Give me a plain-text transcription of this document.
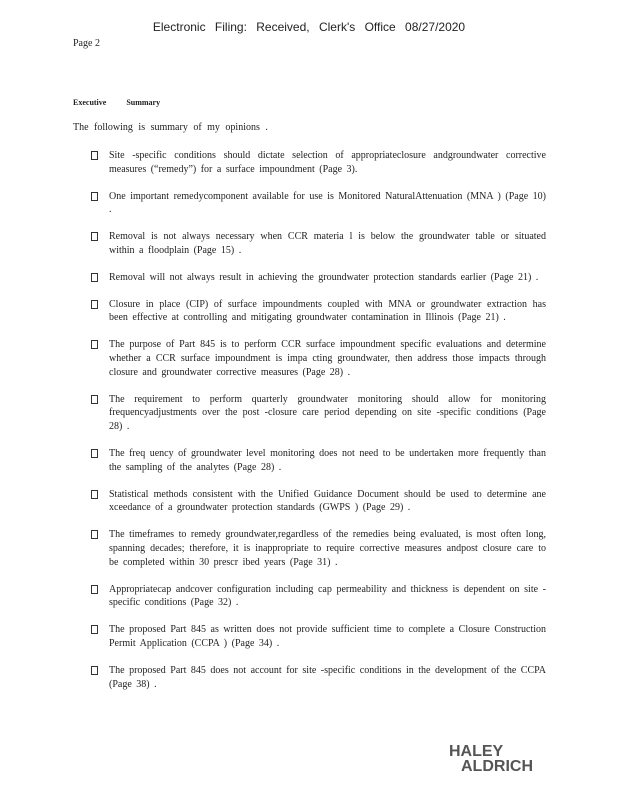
Electronic Filing: Received, Clerk's Office 08/27/2020
Page 2
Executive Summary
The following is summary of my opinions .
Site -specific conditions should dictate selection of appropriateclosure andgroundwater corrective measures (“remedy”) for a surface impoundment (Page 3).
One important remedycomponent available for use is Monitored NaturalAttenuation (MNA ) (Page 10) .
Removal is not always necessary when CCR materia l is below the groundwater table or situated within a floodplain (Page 15) .
Removal will not always result in achieving the groundwater protection standards earlier (Page 21) .
Closure in place (CIP) of surface impoundments coupled with MNA or groundwater extraction has been effective at controlling and mitigating groundwater contamination in Illinois (Page 21) .
The purpose of Part 845 is to perform CCR surface impoundment specific evaluations and determine whether a CCR surface impoundment is impa cting groundwater, then address those impacts through closure and groundwater corrective measures (Page 28) .
The requirement to perform quarterly groundwater monitoring should allow for monitoring frequencyadjustments over the post -closure care period depending on site -specific conditions (Page 28) .
The freq uency of groundwater level monitoring does not need to be undertaken more frequently than the sampling of the analytes (Page 28) .
Statistical methods consistent with the Unified Guidance Document should be used to determine ane xceedance of a groundwater protection standards (GWPS ) (Page 29) .
The timeframes to remedy groundwater,regardless of the remedies being evaluated, is most often long, spanning decades; therefore, it is inappropriate to require corrective measures andpost closure care to be completed within 30 prescr ibed years (Page 31) .
Appropriatecap andcover configuration including cap permeability and thickness is dependent on site -specific conditions (Page 32) .
The proposed Part 845 as written does not provide sufficient time to complete a Closure Construction Permit Application (CCPA ) (Page 34) .
The proposed Part 845 does not account for site -specific conditions in the development of the CCPA (Page 38) .
HALEY
ALDRICH
